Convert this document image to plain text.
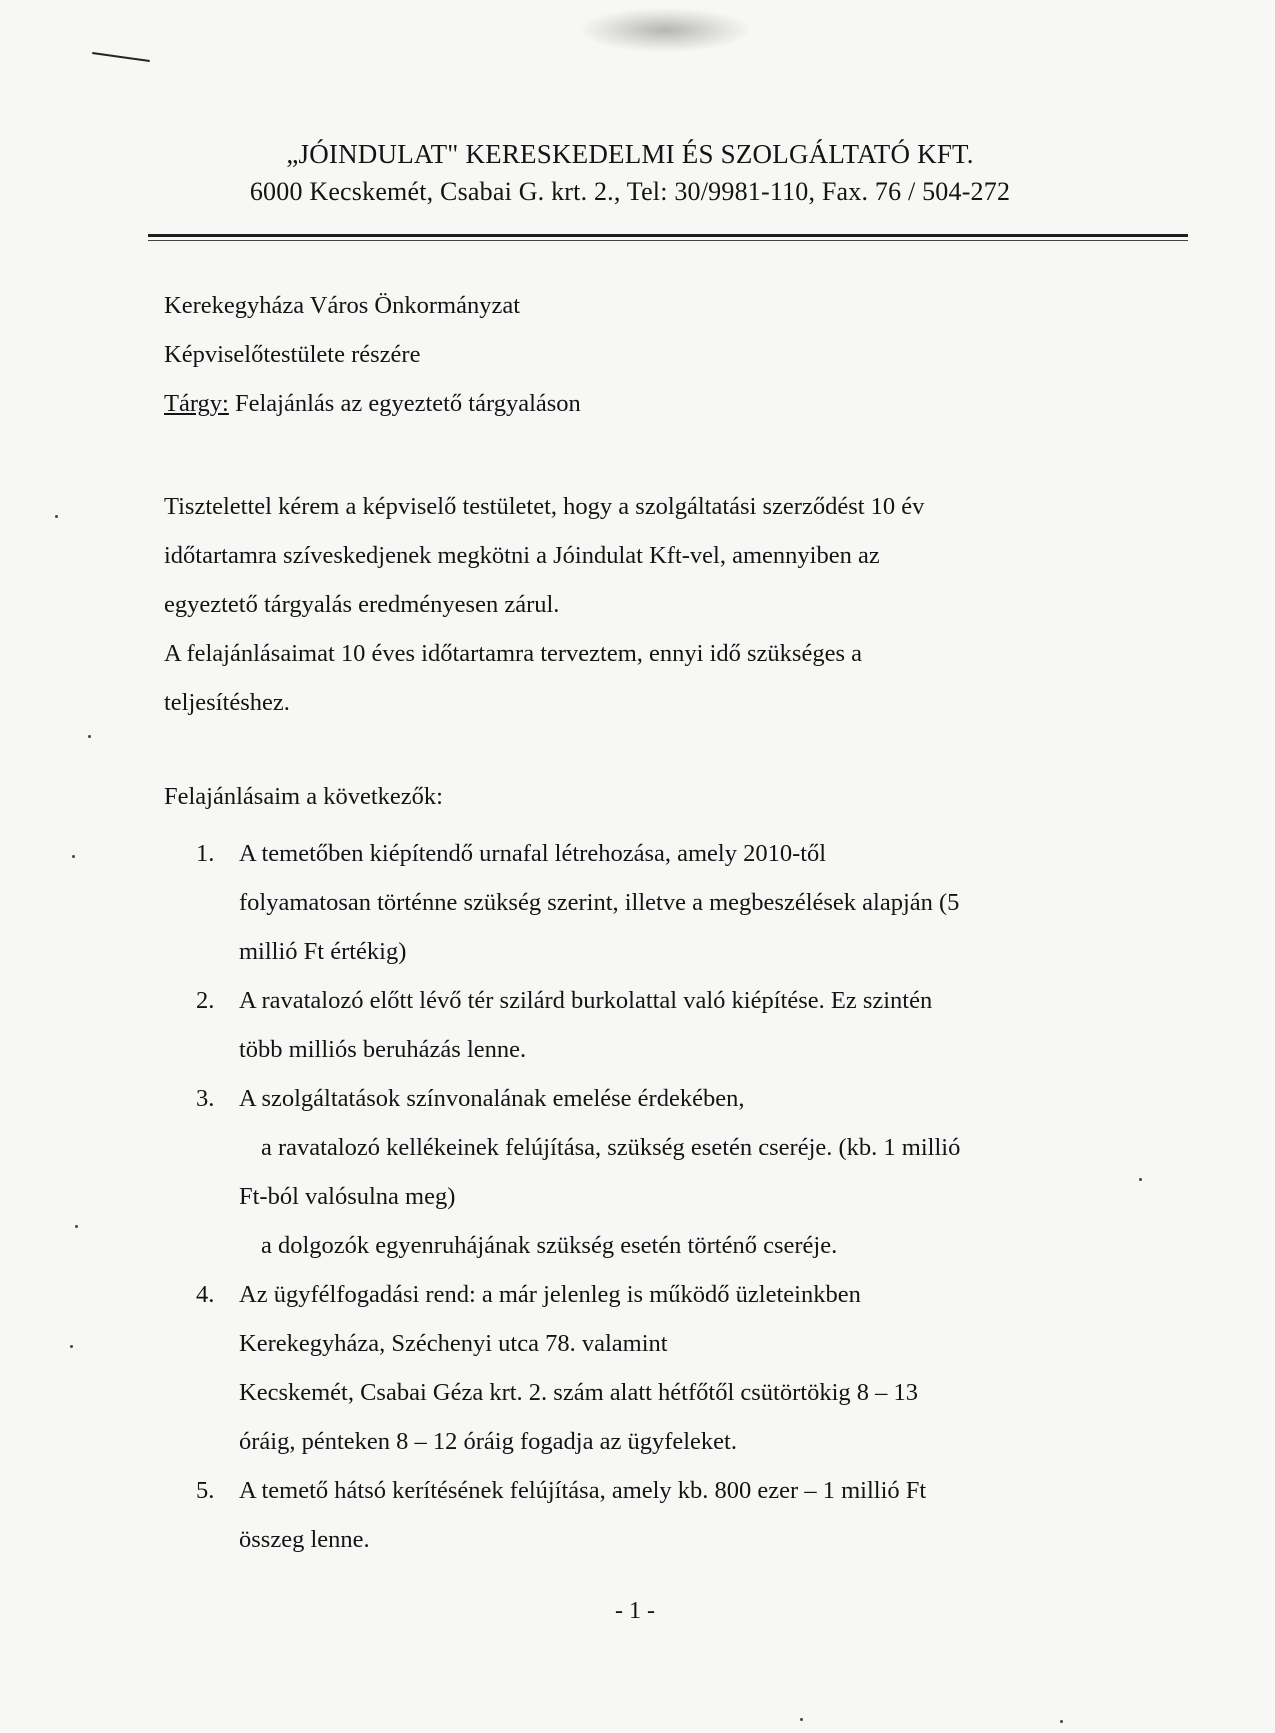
„JÓINDULAT" KERESKEDELMI ÉS SZOLGÁLTATÓ KFT.
6000 Kecskemét, Csabai G. krt. 2., Tel: 30/9981-110, Fax. 76 / 504-272
Kerekegyháza Város Önkormányzat
Képviselőtestülete részére
Tárgy: Felajánlás az egyeztető tárgyaláson
Tisztelettel kérem a képviselő testületet, hogy a szolgáltatási szerződést 10 év
időtartamra szíveskedjenek megkötni a Jóindulat Kft-vel, amennyiben az
egyeztető tárgyalás eredményesen zárul.
A felajánlásaimat 10 éves időtartamra terveztem, ennyi idő szükséges a
teljesítéshez.
Felajánlásaim a következők:
1. A temetőben kiépítendő urnafal létrehozása, amely 2010-től
folyamatosan történne szükség szerint, illetve a megbeszélések alapján (5
millió Ft értékig)
2. A ravatalozó előtt lévő tér szilárd burkolattal való kiépítése. Ez szintén
több milliós beruházás lenne.
3. A szolgáltatások színvonalának emelése érdekében,
a ravatalozó kellékeinek felújítása, szükség esetén cseréje. (kb. 1 millió
Ft-ból valósulna meg)
a dolgozók egyenruhájának szükség esetén történő cseréje.
4. Az ügyfélfogadási rend: a már jelenleg is működő üzleteinkben
Kerekegyháza, Széchenyi utca 78. valamint
Kecskemét, Csabai Géza krt. 2. szám alatt hétfőtől csütörtökig 8 – 13
óráig, pénteken 8 – 12 óráig fogadja az ügyfeleket.
5. A temető hátsó kerítésének felújítása, amely kb. 800 ezer – 1 millió Ft
összeg lenne.
- 1 -
